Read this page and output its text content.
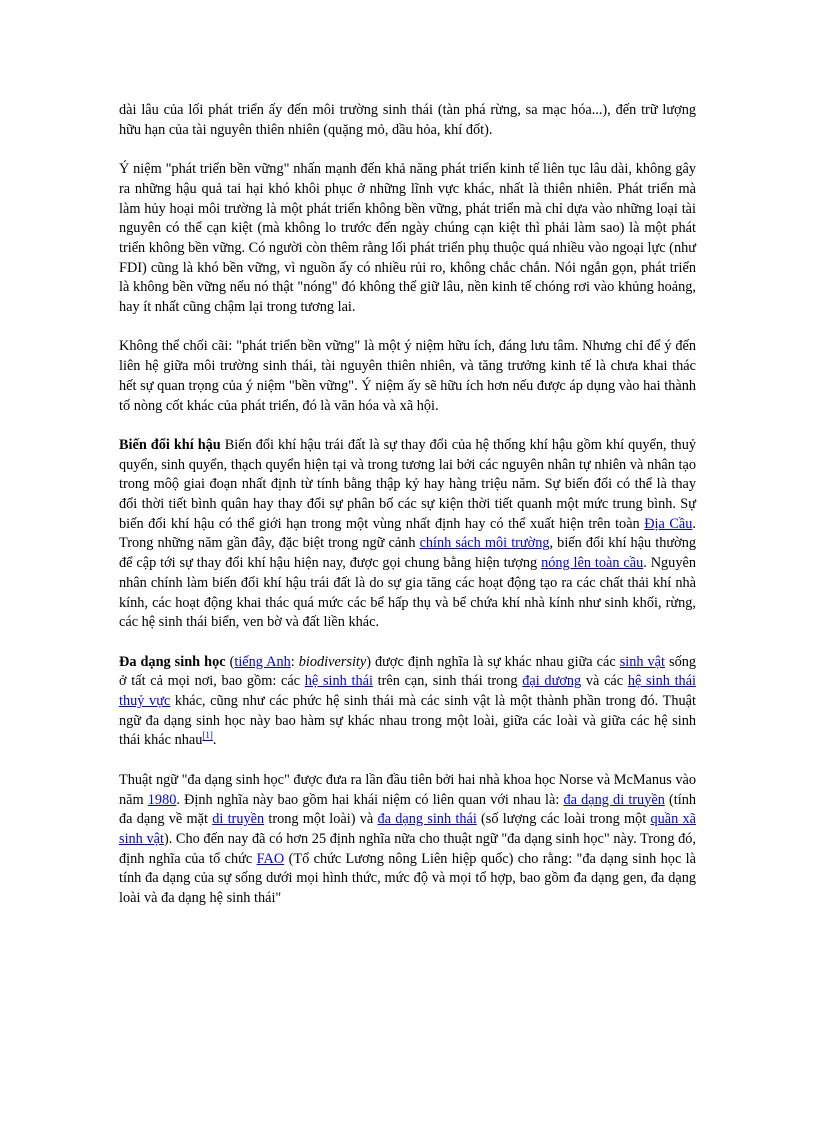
dài lâu của lối phát triển ấy đến môi trường sinh thái (tàn phá rừng, sa mạc hóa...), đến trữ lượng hữu hạn của tài nguyên thiên nhiên (quặng mỏ, dầu hỏa, khí đốt).

Ý niệm "phát triển bền vững" nhấn mạnh đến khả năng phát triển kinh tế liên tục lâu dài, không gây ra những hậu quả tai hại khó khôi phục ở những lĩnh vực khác, nhất là thiên nhiên. Phát triển mà làm hủy hoại môi trường là một phát triển không bền vững, phát triển mà chỉ dựa vào những loại tài nguyên có thể cạn kiệt (mà không lo trước đến ngày chúng cạn kiệt thì phải làm sao) là một phát triển không bền vững. Có người còn thêm rằng lối phát triển phụ thuộc quá nhiều vào ngoại lực (như FDI) cũng là khó bền vững, vì nguồn ấy có nhiều rủi ro, không chắc chắn. Nói ngắn gọn, phát triển là không bền vững nếu nó thật "nóng" đó không thể giữ lâu, nền kinh tế chóng rơi vào khủng hoảng, hay ít nhất cũng chậm lại trong tương lai.

Không thể chối cãi: "phát triển bền vững" là một ý niệm hữu ích, đáng lưu tâm. Nhưng chỉ để ý đến liên hệ giữa môi trường sinh thái, tài nguyên thiên nhiên, và tăng trưởng kinh tế là chưa khai thác hết sự quan trọng của ý niệm "bền vững". Ý niệm ấy sẽ hữu ích hơn nếu được áp dụng vào hai thành tố nòng cốt khác của phát triển, đó là văn hóa và xã hội.

Biến đổi khí hậu Biến đổi khí hậu trái đất là sự thay đổi của hệ thống khí hậu gồm khí quyển, thuỷ quyển, sinh quyển, thạch quyển hiện tại và trong tương lai bởi các nguyên nhân tự nhiên và nhân tạo trong môộ giai đoạn nhất định từ tính bằng thập kỷ hay hàng triệu năm. Sự biến đổi có thể là thay đổi thời tiết bình quân hay thay đổi sự phân bố các sự kiện thời tiết quanh một mức trung bình. Sự biến đổi khí hậu có thể giới hạn trong một vùng nhất định hay có thể xuất hiện trên toàn Địa Cầu. Trong những năm gần đây, đặc biệt trong ngữ cảnh chính sách môi trường, biến đổi khí hậu thường để cập tới sự thay đổi khí hậu hiện nay, được gọi chung bằng hiện tượng nóng lên toàn cầu. Nguyên nhân chính làm biến đổi khí hậu trái đất là do sự gia tăng các hoạt động tạo ra các chất thải khí nhà kính, các hoạt động khai thác quá mức các bể hấp thụ và bể chứa khí nhà kính như sinh khối, rừng, các hệ sinh thái biển, ven bờ và đất liền khác.

Đa dạng sinh học (tiếng Anh: biodiversity) được định nghĩa là sự khác nhau giữa các sinh vật sống ở tất cả mọi nơi, bao gồm: các hệ sinh thái trên cạn, sinh thái trong đại dương và các hệ sinh thái thuỷ vực khác, cũng như các phức hệ sinh thái mà các sinh vật là một thành phần trong đó. Thuật ngữ đa dạng sinh học này bao hàm sự khác nhau trong một loài, giữa các loài và giữa các hệ sinh thái khác nhau[1].

Thuật ngữ "đa dạng sinh học" được đưa ra lần đầu tiên bởi hai nhà khoa học Norse và McManus vào năm 1980. Định nghĩa này bao gồm hai khái niệm có liên quan với nhau là: đa dạng di truyền (tính đa dạng về mặt di truyền trong một loài) và đa dạng sinh thái (số lượng các loài trong một quần xã sinh vật). Cho đến nay đã có hơn 25 định nghĩa nữa cho thuật ngữ "đa dạng sinh học" này. Trong đó, định nghĩa của tổ chức FAO (Tổ chức Lương nông Liên hiệp quốc) cho rằng: "đa dạng sinh học là tính đa dạng của sự sống dưới mọi hình thức, mức độ và mọi tổ hợp, bao gồm đa dạng gen, đa dạng loài và đa dạng hệ sinh thái"
